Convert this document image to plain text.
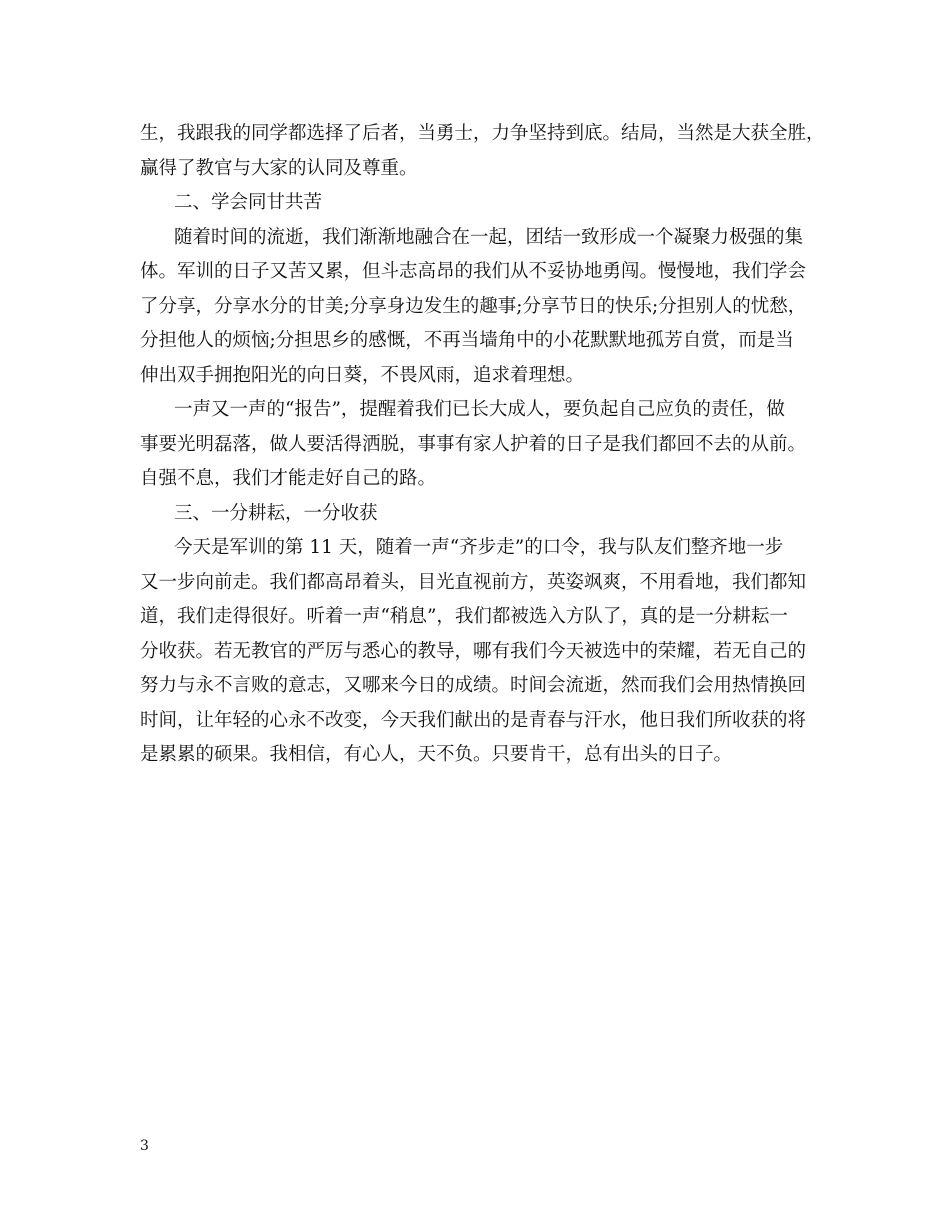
生，我跟我的同学都选择了后者，当勇士，力争坚持到底。结局，当然是大获全胜，
赢得了教官与大家的认同及尊重。

二、学会同甘共苦

随着时间的流逝，我们渐渐地融合在一起，团结一致形成一个凝聚力极强的集
体。军训的日子又苦又累，但斗志高昂的我们从不妥协地勇闯。慢慢地，我们学会
了分享，分享水分的甘美;分享身边发生的趣事;分享节日的快乐;分担别人的忧愁，
分担他人的烦恼;分担思乡的感慨，不再当墙角中的小花默默地孤芳自赏，而是当
伸出双手拥抱阳光的向日葵，不畏风雨，追求着理想。

一声又一声的“报告”，提醒着我们已长大成人，要负起自己应负的责任，做
事要光明磊落，做人要活得洒脱，事事有家人护着的日子是我们都回不去的从前。
自强不息，我们才能走好自己的路。

三、一分耕耘，一分收获

今天是军训的第 11 天，随着一声“齐步走”的口令，我与队友们整齐地一步
又一步向前走。我们都高昂着头，目光直视前方，英姿飒爽，不用看地，我们都知
道，我们走得很好。听着一声“稍息”，我们都被选入方队了，真的是一分耕耘一
分收获。若无教官的严厉与悉心的教导，哪有我们今天被选中的荣耀，若无自己的
努力与永不言败的意志，又哪来今日的成绩。时间会流逝，然而我们会用热情换回
时间，让年轻的心永不改变，今天我们献出的是青春与汗水，他日我们所收获的将
是累累的硕果。我相信，有心人，天不负。只要肯干，总有出头的日子。

3
